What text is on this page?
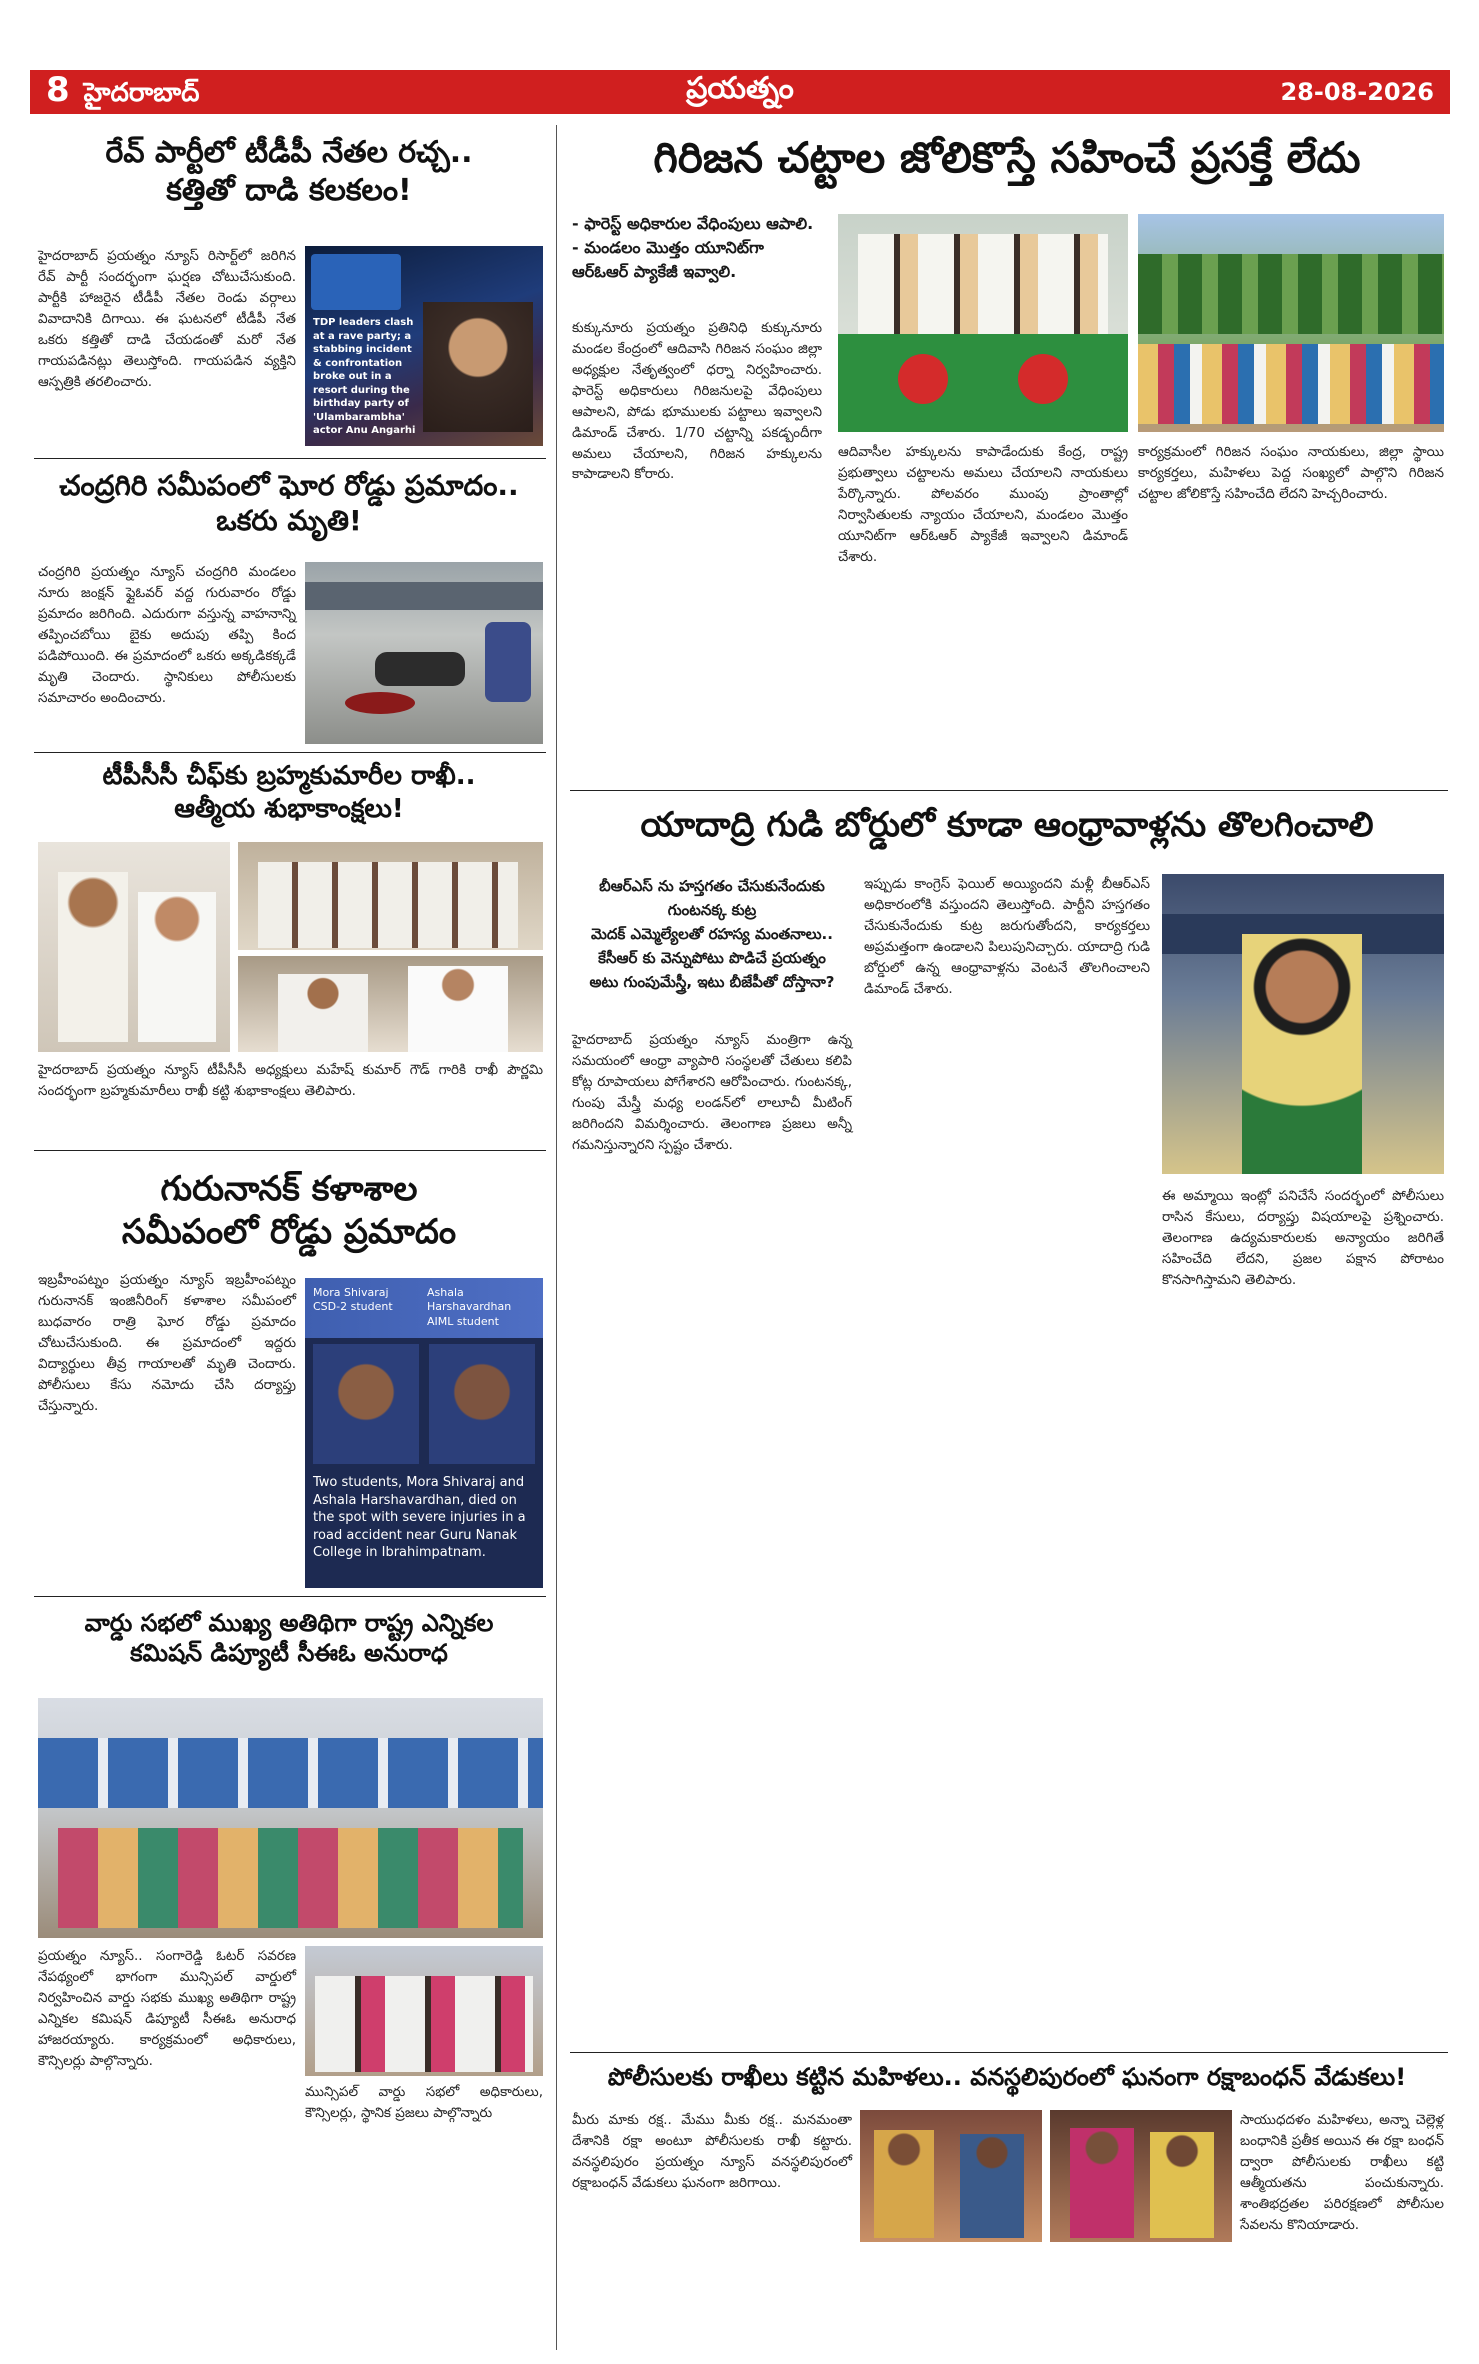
8 హైదరాబాద్	ప్రయత్నం	28-08-2026
రేవ్ పార్టీలో టీడీపీ నేతల రచ్చ..
కత్తితో దాడి కలకలం!
హైదరాబాద్ ప్రయత్నం న్యూస్ రిసార్ట్‌లో జరిగిన రేవ్ పార్టీ సందర్భంగా ఘర్షణ చోటుచేసుకుంది. పార్టీకి హాజరైన టీడీపీ నేతల రెండు వర్గాలు వివాదానికి దిగాయి. ఈ ఘటనలో టీడీపీ నేత ఒకరు కత్తితో దాడి చేయడంతో మరో నేత గాయపడినట్లు తెలుస్తోంది. గాయపడిన వ్యక్తిని ఆస్పత్రికి తరలించారు.
TDP leaders clash at a rave party; a stabbing incident & confrontation broke out in a resort during the birthday party of 'Ulambarambha' actor Anu Angarhi
చంద్రగిరి సమీపంలో ఘోర రోడ్డు ప్రమాదం..
ఒకరు మృతి!
చంద్రగిరి ప్రయత్నం న్యూస్ చంద్రగిరి మండలం నూరు జంక్షన్ ఫ్లైఓవర్ వద్ద గురువారం రోడ్డు ప్రమాదం జరిగింది. ఎదురుగా వస్తున్న వాహనాన్ని తప్పించబోయి బైకు అదుపు తప్పి కింద పడిపోయింది. ఈ ప్రమాదంలో ఒకరు అక్కడికక్కడే మృతి చెందారు. స్థానికులు పోలీసులకు సమాచారం అందించారు.
టీపీసీసీ చీఫ్‌కు బ్రహ్మకుమారీల రాఖీ..
ఆత్మీయ శుభాకాంక్షలు!
హైదరాబాద్ ప్రయత్నం న్యూస్ టీపీసీసీ అధ్యక్షులు మహేష్ కుమార్ గౌడ్ గారికి రాఖీ పౌర్ణమి సందర్భంగా బ్రహ్మకుమారీలు రాఖీ కట్టి శుభాకాంక్షలు తెలిపారు.
గురునానక్ కళాశాల
సమీపంలో రోడ్డు ప్రమాదం
ఇబ్రహీంపట్నం ప్రయత్నం న్యూస్ ఇబ్రహీంపట్నం గురునానక్ ఇంజినీరింగ్ కళాశాల సమీపంలో బుధవారం రాత్రి ఘోర రోడ్డు ప్రమాదం చోటుచేసుకుంది. ఈ ప్రమాదంలో ఇద్దరు విద్యార్థులు తీవ్ర గాయాలతో మృతి చెందారు. పోలీసులు కేసు నమోదు చేసి దర్యాప్తు చేస్తున్నారు.
Mora Shivaraj
CSD-2 student
Ashala Harshavardhan
AIML student
Two students, Mora Shivaraj and Ashala Harshavardhan, died on the spot with severe injuries in a road accident near Guru Nanak College in Ibrahimpatnam.
వార్డు సభలో ముఖ్య అతిథిగా రాష్ట్ర ఎన్నికల
కమిషన్ డిప్యూటీ సీఈఓ అనురాధ
ప్రయత్నం న్యూస్.. సంగారెడ్డి ఓటర్ సవరణ నేపథ్యంలో భాగంగా మున్సిపల్ వార్డులో నిర్వహించిన వార్డు సభకు ముఖ్య అతిథిగా రాష్ట్ర ఎన్నికల కమిషన్ డిప్యూటీ సీఈఓ అనురాధ హాజరయ్యారు. కార్యక్రమంలో అధికారులు, కౌన్సిలర్లు పాల్గొన్నారు.
మున్సిపల్ వార్డు సభలో అధికారులు, కౌన్సిలర్లు, స్థానిక ప్రజలు పాల్గొన్నారు
గిరిజన చట్టాల జోలికొస్తే సహించే ప్రసక్తే లేదు
- ఫారెస్ట్ అధికారుల వేధింపులు ఆపాలి.
- మండలం మొత్తం యూనిట్‌గా ఆర్‌ఓఆర్ ప్యాకేజీ ఇవ్వాలి.
కుక్కునూరు ప్రయత్నం ప్రతినిధి కుక్కునూరు మండల కేంద్రంలో ఆదివాసి గిరిజన సంఘం జిల్లా అధ్యక్షుల నేతృత్వంలో ధర్నా నిర్వహించారు. ఫారెస్ట్ అధికారులు గిరిజనులపై వేధింపులు ఆపాలని, పోడు భూములకు పట్టాలు ఇవ్వాలని డిమాండ్ చేశారు. 1/70 చట్టాన్ని పకడ్బందీగా అమలు చేయాలని, గిరిజన హక్కులను కాపాడాలని కోరారు.
ఆదివాసీల హక్కులను కాపాడేందుకు కేంద్ర, రాష్ట్ర ప్రభుత్వాలు చట్టాలను అమలు చేయాలని నాయకులు పేర్కొన్నారు. పోలవరం ముంపు ప్రాంతాల్లో నిర్వాసితులకు న్యాయం చేయాలని, మండలం మొత్తం యూనిట్‌గా ఆర్‌ఓఆర్ ప్యాకేజీ ఇవ్వాలని డిమాండ్ చేశారు.
కార్యక్రమంలో గిరిజన సంఘం నాయకులు, జిల్లా స్థాయి కార్యకర్తలు, మహిళలు పెద్ద సంఖ్యలో పాల్గొని గిరిజన చట్టాల జోలికొస్తే సహించేది లేదని హెచ్చరించారు.
యాదాద్రి గుడి బోర్డులో కూడా ఆంధ్రావాళ్లను తొలగించాలి
బీఆర్ఎస్ ను హస్తగతం చేసుకునేందుకు
గుంటనక్క కుట్ర
మెదక్ ఎమ్మెల్యేలతో రహస్య మంతనాలు..
కేసీఆర్ కు వెన్నుపోటు పొడిచే ప్రయత్నం
అటు గుంపుమేస్త్రీ, ఇటు బీజేపీతో దోస్తానా?
హైదరాబాద్ ప్రయత్నం న్యూస్ మంత్రిగా ఉన్న సమయంలో ఆంధ్రా వ్యాపారి సంస్థలతో చేతులు కలిపి కోట్ల రూపాయలు పోగేశారని ఆరోపించారు. గుంటనక్క, గుంపు మేస్త్రీ మధ్య లండన్‌లో లాలూచీ మీటింగ్ జరిగిందని విమర్శించారు. తెలంగాణ ప్రజలు అన్నీ గమనిస్తున్నారని స్పష్టం చేశారు.
ఇప్పుడు కాంగ్రెస్ ఫెయిల్ అయ్యిందని మళ్లీ బీఆర్ఎస్ అధికారంలోకి వస్తుందని తెలుస్తోంది. పార్టీని హస్తగతం చేసుకునేందుకు కుట్ర జరుగుతోందని, కార్యకర్తలు అప్రమత్తంగా ఉండాలని పిలుపునిచ్చారు. యాదాద్రి గుడి బోర్డులో ఉన్న ఆంధ్రావాళ్లను వెంటనే తొలగించాలని డిమాండ్ చేశారు.
ఈ అమ్మాయి ఇంట్లో పనిచేసే సందర్భంలో పోలీసులు రాసిన కేసులు, దర్యాప్తు విషయాలపై ప్రశ్నించారు. తెలంగాణ ఉద్యమకారులకు అన్యాయం జరిగితే సహించేది లేదని, ప్రజల పక్షాన పోరాటం కొనసాగిస్తామని తెలిపారు.
పోలీసులకు రాఖీలు కట్టిన మహిళలు.. వనస్థలిపురంలో ఘనంగా రక్షాబంధన్ వేడుకలు!
మీరు మాకు రక్ష.. మేము మీకు రక్ష.. మనమంతా దేశానికి రక్షా అంటూ పోలీసులకు రాఖీ కట్టారు. వనస్థలిపురం ప్రయత్నం న్యూస్ వనస్థలిపురంలో రక్షాబంధన్ వేడుకలు ఘనంగా జరిగాయి.
సాయుధదళం మహిళలు, అన్నా చెల్లెళ్ల బంధానికి ప్రతీక అయిన ఈ రక్షా బంధన్ ద్వారా పోలీసులకు రాఖీలు కట్టి ఆత్మీయతను పంచుకున్నారు. శాంతిభద్రతల పరిరక్షణలో పోలీసుల సేవలను కొనియాడారు.
